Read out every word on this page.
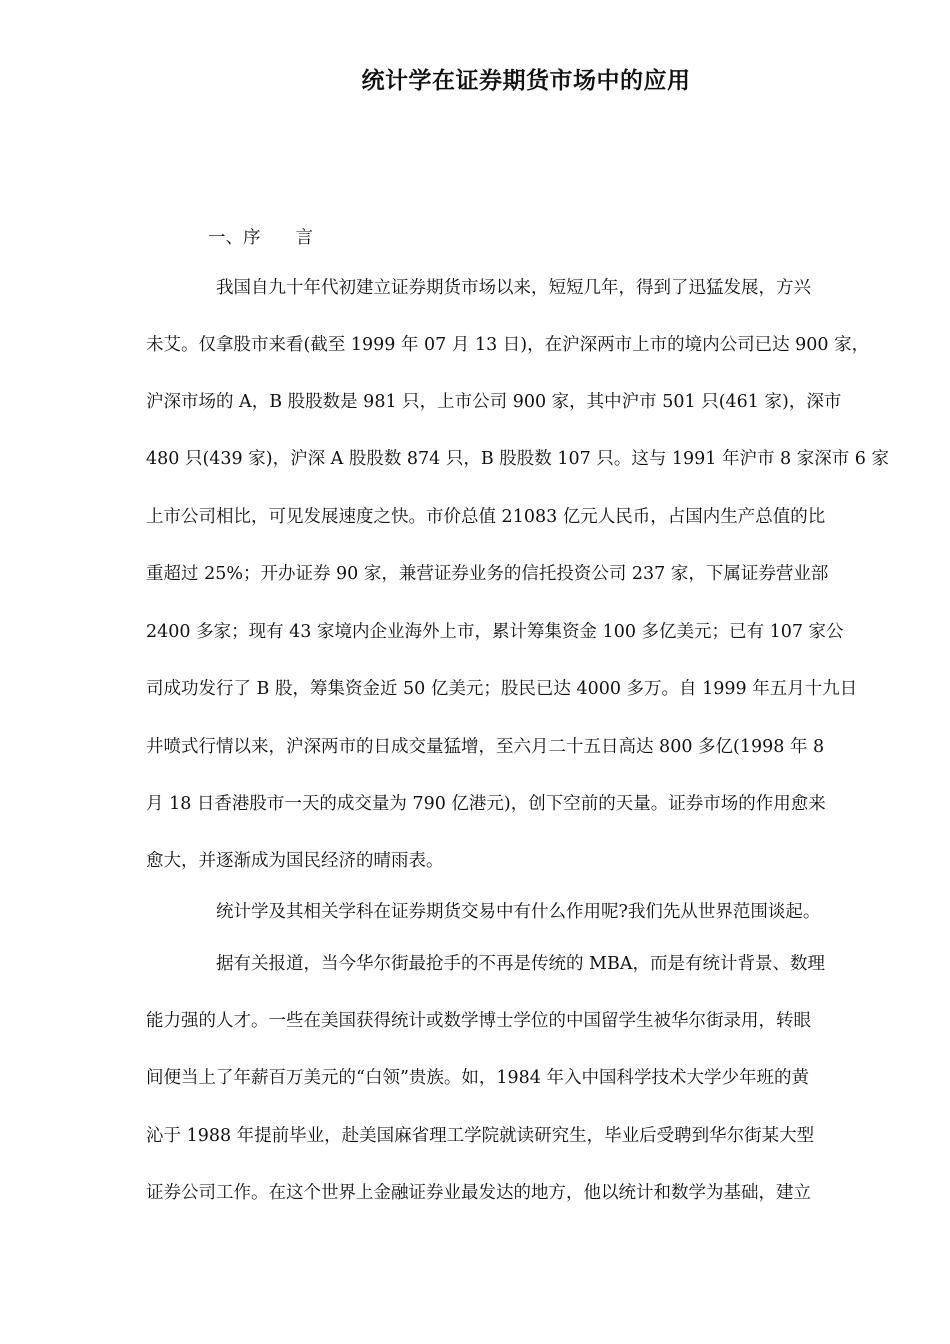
统计学在证券期货市场中的应用
一、序　　言
我国自九十年代初建立证券期货市场以来，短短几年，得到了迅猛发展，方兴
未艾。仅拿股市来看(截至 1999 年 07 月 13 日)，在沪深两市上市的境内公司已达 900 家，
沪深市场的 A，B 股股数是 981 只，上市公司 900 家，其中沪市 501 只(461 家)，深市
480 只(439 家)，沪深 A 股股数 874 只，B 股股数 107 只。这与 1991 年沪市 8 家深市 6 家
上市公司相比，可见发展速度之快。市价总值 21083 亿元人民币，占国内生产总值的比
重超过 25%；开办证券 90 家，兼营证券业务的信托投资公司 237 家，下属证券营业部
2400 多家；现有 43 家境内企业海外上市，累计筹集资金 100 多亿美元；已有 107 家公
司成功发行了 B 股，筹集资金近 50 亿美元；股民已达 4000 多万。自 1999 年五月十九日
井喷式行情以来，沪深两市的日成交量猛增，至六月二十五日高达 800 多亿(1998 年 8
月 18 日香港股市一天的成交量为 790 亿港元)，创下空前的天量。证券市场的作用愈来
愈大，并逐渐成为国民经济的晴雨表。
统计学及其相关学科在证券期货交易中有什么作用呢?我们先从世界范围谈起。
据有关报道，当今华尔街最抢手的不再是传统的 MBA，而是有统计背景、数理
能力强的人才。一些在美国获得统计或数学博士学位的中国留学生被华尔街录用，转眼
间便当上了年薪百万美元的“白领”贵族。如，1984 年入中国科学技术大学少年班的黄
沁于 1988 年提前毕业，赴美国麻省理工学院就读研究生，毕业后受聘到华尔街某大型
证券公司工作。在这个世界上金融证券业最发达的地方，他以统计和数学为基础，建立
